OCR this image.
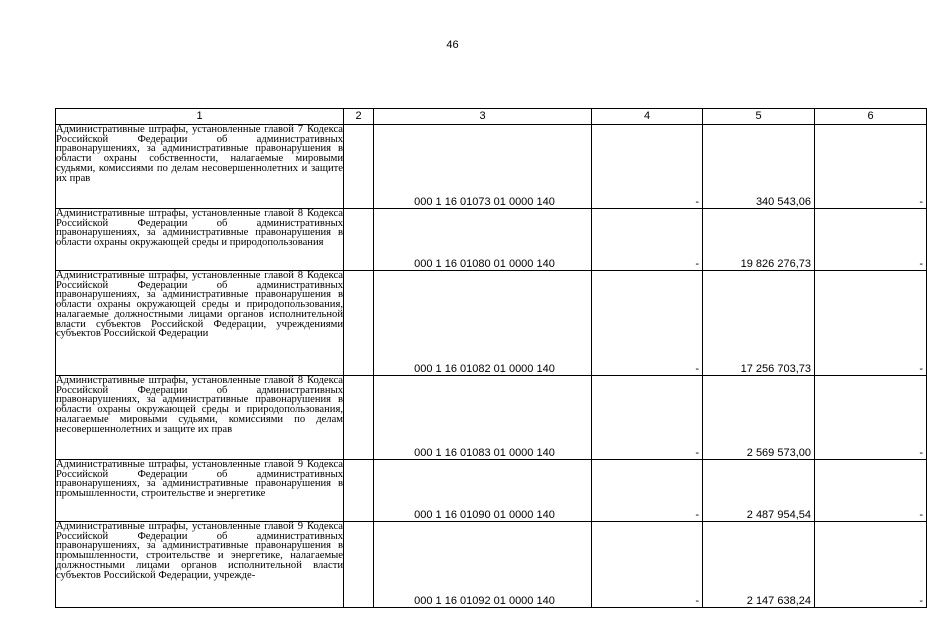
46
1	2	3	4	5	6
Административные штрафы, установленные главой 7 Кодекса Российской Федерации об административных правонарушениях, за административные правонарушения в области охраны собственности, налагаемые мировыми судьями, комиссиями по делам несовершеннолетних и защите их прав		000 1 16 01073 01 0000 140	-	340 543,06	-
Административные штрафы, установленные главой 8 Кодекса Российской Федерации об административных правонарушениях, за административные правонарушения в области охраны окружающей среды и природопользования		000 1 16 01080 01 0000 140	-	19 826 276,73	-
Административные штрафы, установленные главой 8 Кодекса Российской Федерации об административных правонарушениях, за административные правонарушения в области охраны окружающей среды и природопользования, налагаемые должностными лицами органов исполнительной власти субъектов Российской Федерации, учреждениями субъектов Российской Федерации		000 1 16 01082 01 0000 140	-	17 256 703,73	-
Административные штрафы, установленные главой 8 Кодекса Российской Федерации об административных правонарушениях, за административные правонарушения в области охраны окружающей среды и природопользования, налагаемые мировыми судьями, комиссиями по делам несовершеннолетних и защите их прав		000 1 16 01083 01 0000 140	-	2 569 573,00	-
Административные штрафы, установленные главой 9 Кодекса Российской Федерации об административных правонарушениях, за административные правонарушения в промышленности, строительстве и энергетике		000 1 16 01090 01 0000 140	-	2 487 954,54	-
Административные штрафы, установленные главой 9 Кодекса Российской Федерации об административных правонарушениях, за административные правонарушения в промышленности, строительстве и энергетике, налагаемые должностными лицами органов исполнительной власти субъектов Российской Федерации, учрежде-		000 1 16 01092 01 0000 140	-	2 147 638,24	-
